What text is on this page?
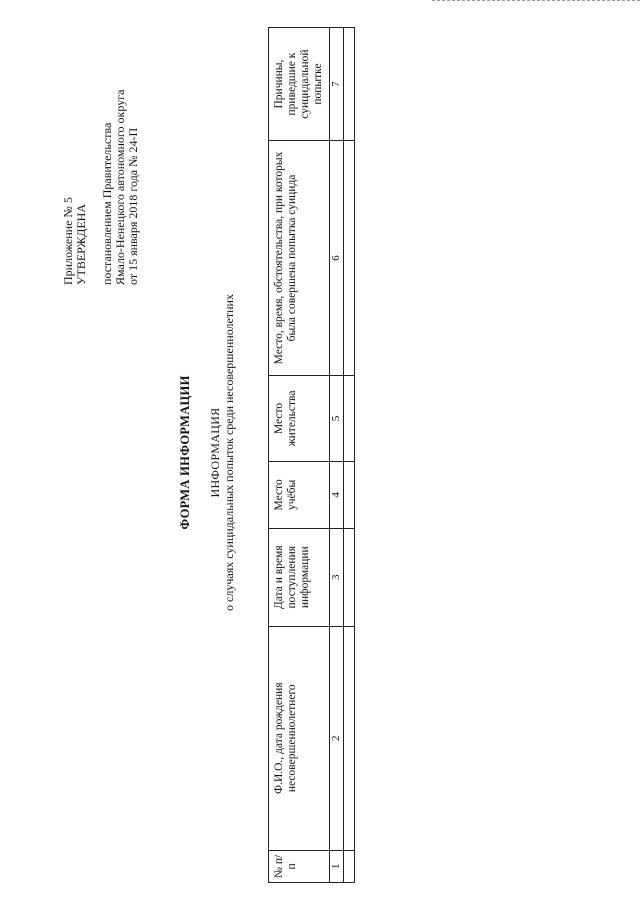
Приложение № 5 УТВЕРЖДЕНА постановлением Правительства Ямало-Ненецкого автономного округа от 15 января 2018 года № 24-П
ФОРМА ИНФОРМАЦИИ ИНФОРМАЦИЯ о случаях суицидальных попыток среди несовершеннолетних
№ п/п	Ф.И.О., дата рождения несовершеннолетнего	Дата и время поступления информации	Место учёбы	Место жительства	Место, время, обстоятельства, при которых была совершена попытка суицида	Причины, приведшие к суицидальной попытке
1	2	3	4	5	6	7
